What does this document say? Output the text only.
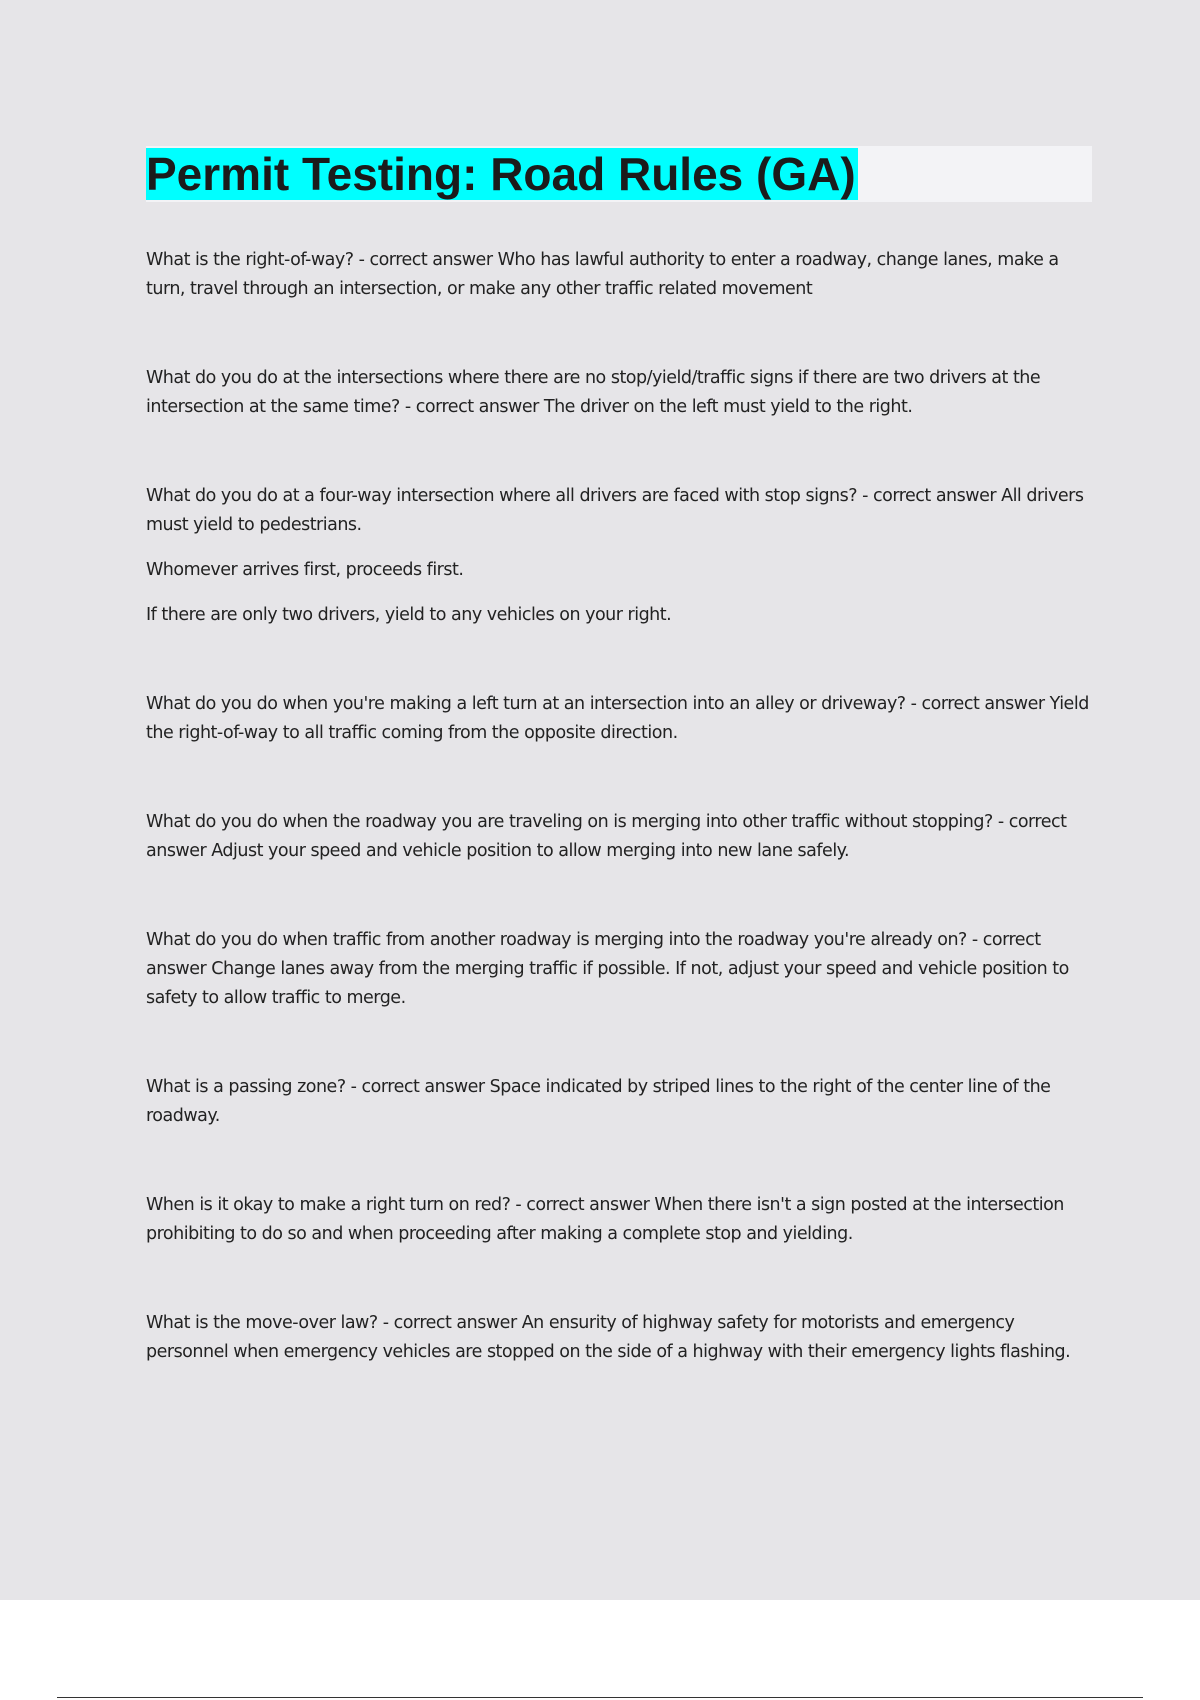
Permit Testing: Road Rules (GA)

What is the right-of-way? - correct answer Who has lawful authority to enter a roadway, change lanes, make a turn, travel through an intersection, or make any other traffic related movement

What do you do at the intersections where there are no stop/yield/traffic signs if there are two drivers at the intersection at the same time? - correct answer The driver on the left must yield to the right.

What do you do at a four-way intersection where all drivers are faced with stop signs? - correct answer All drivers must yield to pedestrians.

Whomever arrives first, proceeds first.

If there are only two drivers, yield to any vehicles on your right.

What do you do when you're making a left turn at an intersection into an alley or driveway? - correct answer Yield the right-of-way to all traffic coming from the opposite direction.

What do you do when the roadway you are traveling on is merging into other traffic without stopping? - correct answer Adjust your speed and vehicle position to allow merging into new lane safely.

What do you do when traffic from another roadway is merging into the roadway you're already on? - correct answer Change lanes away from the merging traffic if possible. If not, adjust your speed and vehicle position to safety to allow traffic to merge.

What is a passing zone? - correct answer Space indicated by striped lines to the right of the center line of the roadway.

When is it okay to make a right turn on red? - correct answer When there isn't a sign posted at the intersection prohibiting to do so and when proceeding after making a complete stop and yielding.

What is the move-over law? - correct answer An ensurity of highway safety for motorists and emergency personnel when emergency vehicles are stopped on the side of a highway with their emergency lights flashing.
